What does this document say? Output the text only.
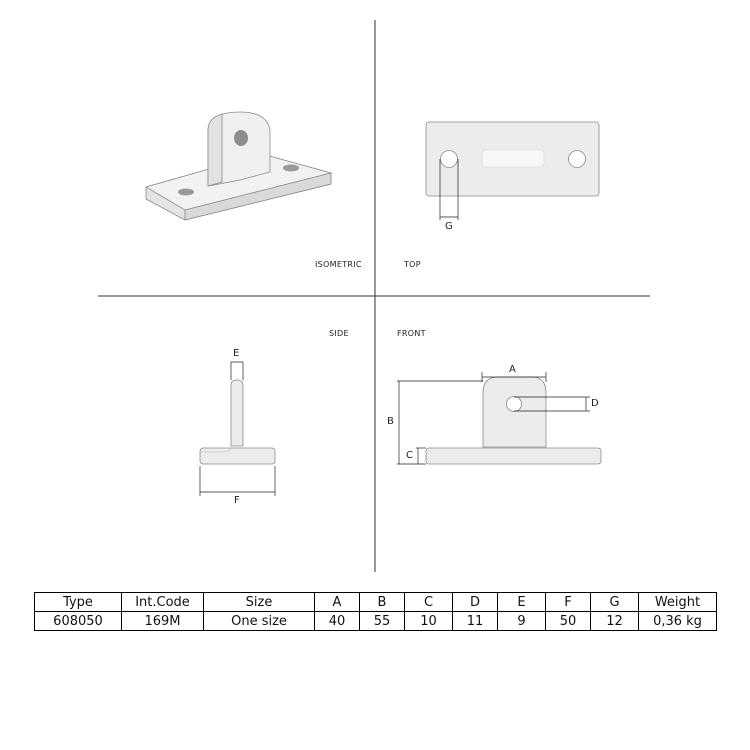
ISOMETRIC	TOP
SIDE	FRONT
G
E
F
A
D
B
C
Type	Int.Code	Size	A	B	C	D	E	F	G	Weight
608050	169M	One size	40	55	10	11	9	50	12	0,36 kg
